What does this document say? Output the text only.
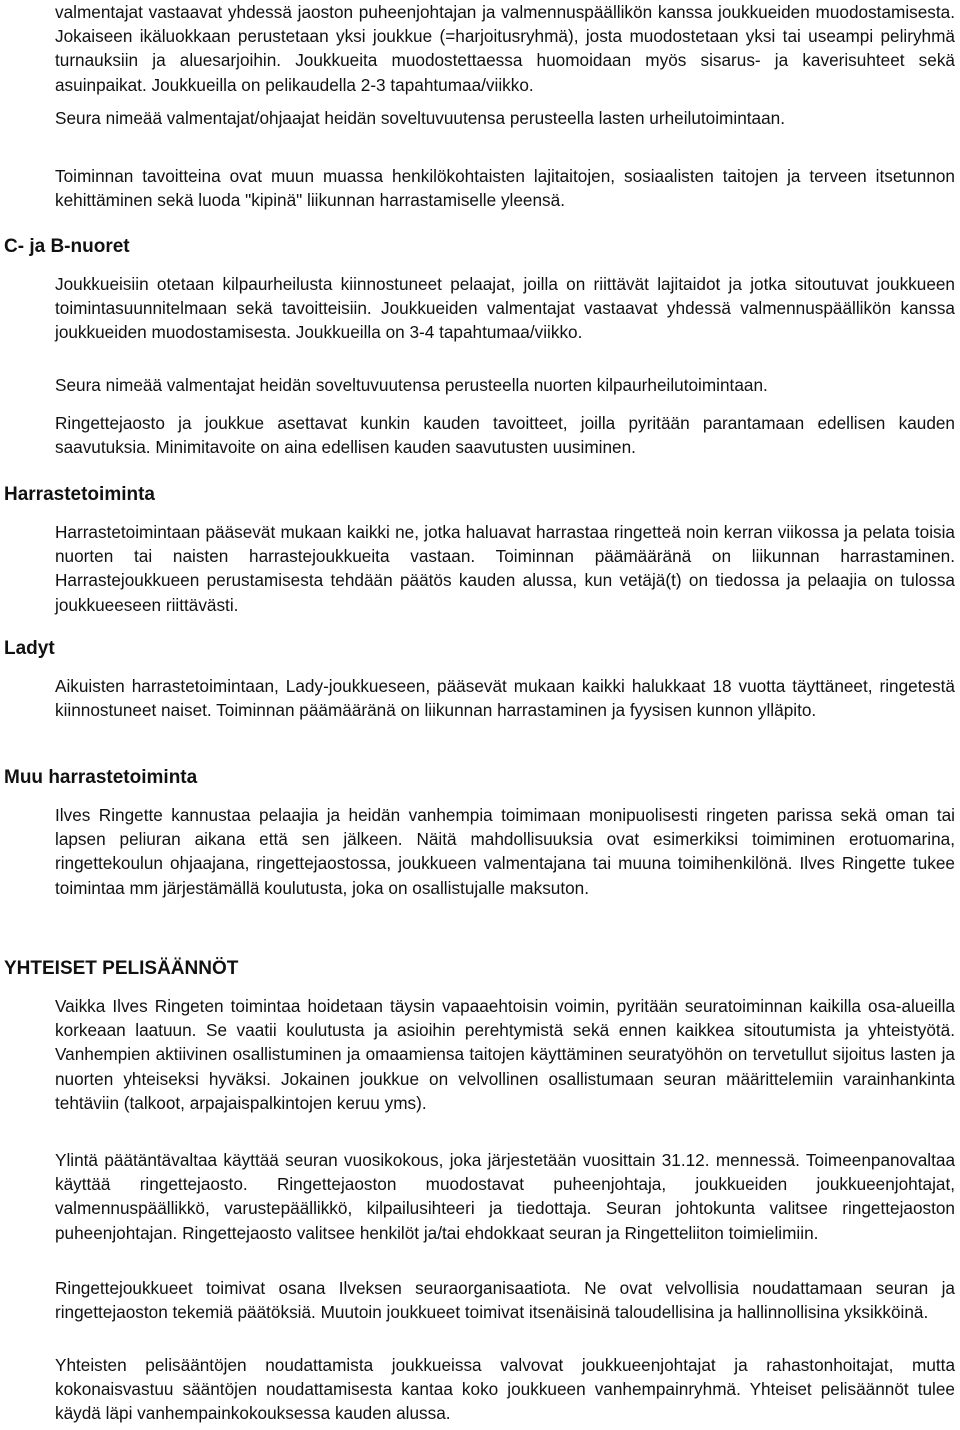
valmentajat vastaavat yhdessä jaoston puheenjohtajan ja valmennuspäällikön kanssa joukkueiden muodostamisesta. Jokaiseen ikäluokkaan perustetaan yksi joukkue (=harjoitusryhmä), josta muodostetaan yksi tai useampi peliryhmä turnauksiin ja aluesarjoihin. Joukkueita muodostettaessa huomoidaan myös sisarus- ja kaverisuhteet sekä asuinpaikat. Joukkueilla on pelikaudella 2-3 tapahtumaa/viikko.

Seura nimeää valmentajat/ohjaajat heidän soveltuvuutensa perusteella lasten urheilutoimintaan.

Toiminnan tavoitteina ovat muun muassa henkilökohtaisten lajitaitojen, sosiaalisten taitojen ja terveen itsetunnon kehittäminen sekä luoda "kipinä" liikunnan harrastamiselle yleensä.

C- ja B-nuoret

Joukkueisiin otetaan kilpaurheilusta kiinnostuneet pelaajat, joilla on riittävät lajitaidot ja jotka sitoutuvat joukkueen toimintasuunnitelmaan sekä tavoitteisiin. Joukkueiden valmentajat vastaavat yhdessä valmennuspäällikön kanssa joukkueiden muodostamisesta. Joukkueilla on 3-4 tapahtumaa/viikko.

Seura nimeää valmentajat heidän soveltuvuutensa perusteella nuorten kilpaurheilutoimintaan.

Ringettejaosto ja joukkue asettavat kunkin kauden tavoitteet, joilla pyritään parantamaan edellisen kauden saavutuksia. Minimitavoite on aina edellisen kauden saavutusten uusiminen.

Harrastetoiminta

Harrastetoimintaan pääsevät mukaan kaikki ne, jotka haluavat harrastaa ringetteä noin kerran viikossa ja pelata toisia nuorten tai naisten harrastejoukkueita vastaan. Toiminnan päämääränä on liikunnan harrastaminen. Harrastejoukkueen perustamisesta tehdään päätös kauden alussa, kun vetäjä(t) on tiedossa ja pelaajia on tulossa joukkueeseen riittävästi.

Ladyt

Aikuisten harrastetoimintaan, Lady-joukkueseen, pääsevät mukaan kaikki halukkaat 18 vuotta täyttäneet, ringetestä kiinnostuneet naiset. Toiminnan päämääränä on liikunnan harrastaminen ja fyysisen kunnon ylläpito.

Muu harrastetoiminta

Ilves Ringette kannustaa pelaajia ja heidän vanhempia toimimaan monipuolisesti ringeten parissa sekä oman tai lapsen peliuran aikana että sen jälkeen. Näitä mahdollisuuksia ovat esimerkiksi toimiminen erotuomarina, ringettekoulun ohjaajana, ringettejaostossa, joukkueen valmentajana tai muuna toimihenkilönä. Ilves Ringette tukee toimintaa mm järjestämällä koulutusta, joka on osallistujalle maksuton.

YHTEISET PELISÄÄNNÖT

Vaikka Ilves Ringeten toimintaa hoidetaan täysin vapaaehtoisin voimin, pyritään seuratoiminnan kaikilla osa-alueilla korkeaan laatuun. Se vaatii koulutusta ja asioihin perehtymistä sekä ennen kaikkea sitoutumista ja yhteistyötä. Vanhempien aktiivinen osallistuminen ja omaamiensa taitojen käyttäminen seuratyöhön on tervetullut sijoitus lasten ja nuorten yhteiseksi hyväksi. Jokainen joukkue on velvollinen osallistumaan seuran määrittelemiin varainhankinta tehtäviin (talkoot, arpajaispalkintojen keruu yms).

Ylintä päätäntävaltaa käyttää seuran vuosikokous, joka järjestetään vuosittain 31.12. mennessä. Toimeenpanovaltaa käyttää ringettejaosto. Ringettejaoston muodostavat puheenjohtaja, joukkueiden joukkueenjohtajat, valmennuspäällikkö, varustepäällikkö, kilpailusihteeri ja tiedottaja. Seuran johtokunta valitsee ringettejaoston puheenjohtajan. Ringettejaosto valitsee henkilöt ja/tai ehdokkaat seuran ja Ringetteliiton toimielimiin.

Ringettejoukkueet toimivat osana Ilveksen seuraorganisaatiota. Ne ovat velvollisia noudattamaan seuran ja ringettejaoston tekemiä päätöksiä. Muutoin joukkueet toimivat itsenäisinä taloudellisina ja hallinnollisina yksikköinä.

Yhteisten pelisääntöjen noudattamista joukkueissa valvovat joukkueenjohtajat ja rahastonhoitajat, mutta kokonaisvastuu sääntöjen noudattamisesta kantaa koko joukkueen vanhempainryhmä. Yhteiset pelisäännöt tulee käydä läpi vanhempainkokouksessa kauden alussa.
